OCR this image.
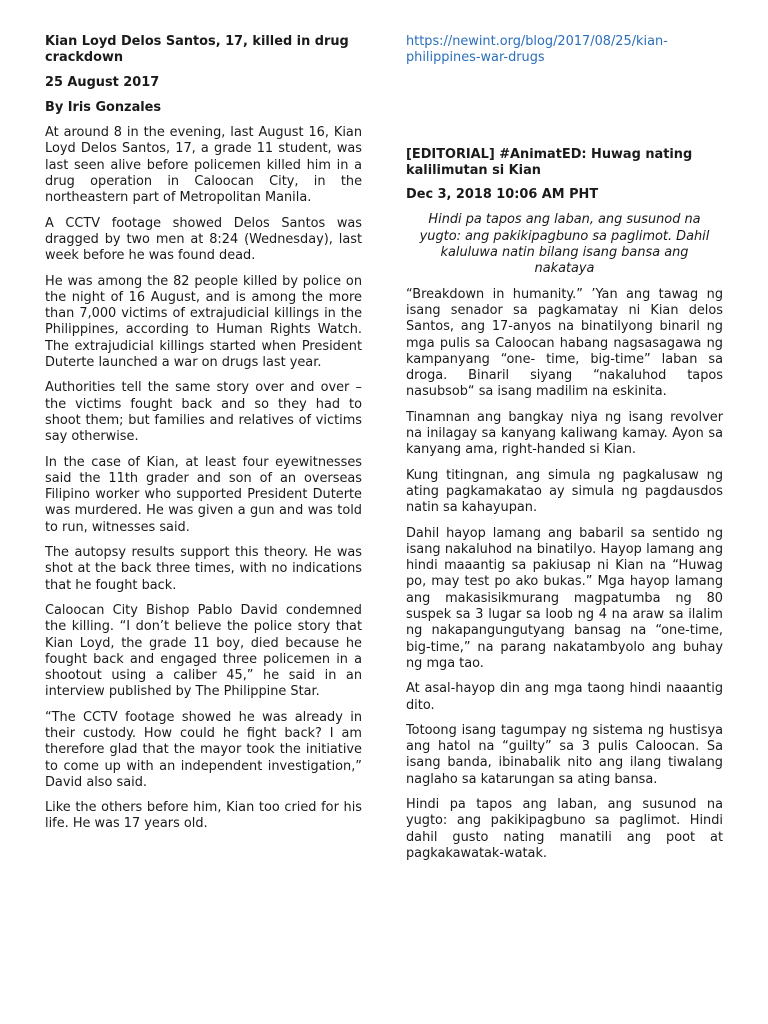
Kian Loyd Delos Santos, 17, killed in drug crackdown

25 August 2017

By Iris Gonzales

At around 8 in the evening, last August 16, Kian Loyd Delos Santos, 17, a grade 11 student, was last seen alive before policemen killed him in a drug operation in Caloocan City, in the northeastern part of Metropolitan Manila.

A CCTV footage showed Delos Santos was dragged by two men at 8:24 (Wednesday), last week before he was found dead.

He was among the 82 people killed by police on the night of 16 August, and is among the more than 7,000 victims of extrajudicial killings in the Philippines, according to Human Rights Watch. The extrajudicial killings started when President Duterte launched a war on drugs last year.

Authorities tell the same story over and over – the victims fought back and so they had to shoot them; but families and relatives of victims say otherwise.

In the case of Kian, at least four eyewitnesses said the 11th grader and son of an overseas Filipino worker who supported President Duterte was murdered. He was given a gun and was told to run, witnesses said.

The autopsy results support this theory. He was shot at the back three times, with no indications that he fought back.

Caloocan City Bishop Pablo David condemned the killing. “I don’t believe the police story that Kian Loyd, the grade 11 boy, died because he fought back and engaged three policemen in a shootout using a caliber 45,” he said in an interview published by The Philippine Star.

“The CCTV footage showed he was already in their custody. How could he fight back? I am therefore glad that the mayor took the initiative to come up with an independent investigation,” David also said.

Like the others before him, Kian too cried for his life. He was 17 years old.

https://newint.org/blog/2017/08/25/kian-philippines-war-drugs

[EDITORIAL] #AnimatED: Huwag nating kalilimutan si Kian

Dec 3, 2018 10:06 AM PHT

Hindi pa tapos ang laban, ang susunod na yugto: ang pakikipagbuno sa paglimot. Dahil kaluluwa natin bilang isang bansa ang nakataya

“Breakdown in humanity.” ’Yan ang tawag ng isang senador sa pagkamatay ni Kian delos Santos, ang 17-anyos na binatilyong binaril ng mga pulis sa Caloocan habang nagsasagawa ng kampanyang “one- time, big-time” laban sa droga. Binaril siyang “nakaluhod tapos nasubsob“ sa isang madilim na eskinita.

Tinamnan ang bangkay niya ng isang revolver na inilagay sa kanyang kaliwang kamay. Ayon sa kanyang ama, right-handed si Kian.

Kung titingnan, ang simula ng pagkalusaw ng ating pagkamakatao ay simula ng pagdausdos natin sa kahayupan.

Dahil hayop lamang ang babaril sa sentido ng isang nakaluhod na binatilyo. Hayop lamang ang hindi maaantig sa pakiusap ni Kian na “Huwag po, may test po ako bukas.” Mga hayop lamang ang makasisikmurang magpatumba ng 80 suspek sa 3 lugar sa loob ng 4 na araw sa ilalim ng nakapangungutyang bansag na “one-time, big-time,” na parang nakatambyolo ang buhay ng mga tao.

At asal-hayop din ang mga taong hindi naaantig dito.

Totoong isang tagumpay ng sistema ng hustisya ang hatol na “guilty” sa 3 pulis Caloocan. Sa isang banda, ibinabalik nito ang ilang tiwalang naglaho sa katarungan sa ating bansa.

Hindi pa tapos ang laban, ang susunod na yugto: ang pakikipagbuno sa paglimot. Hindi dahil gusto nating manatili ang poot at pagkakawatak-watak.
